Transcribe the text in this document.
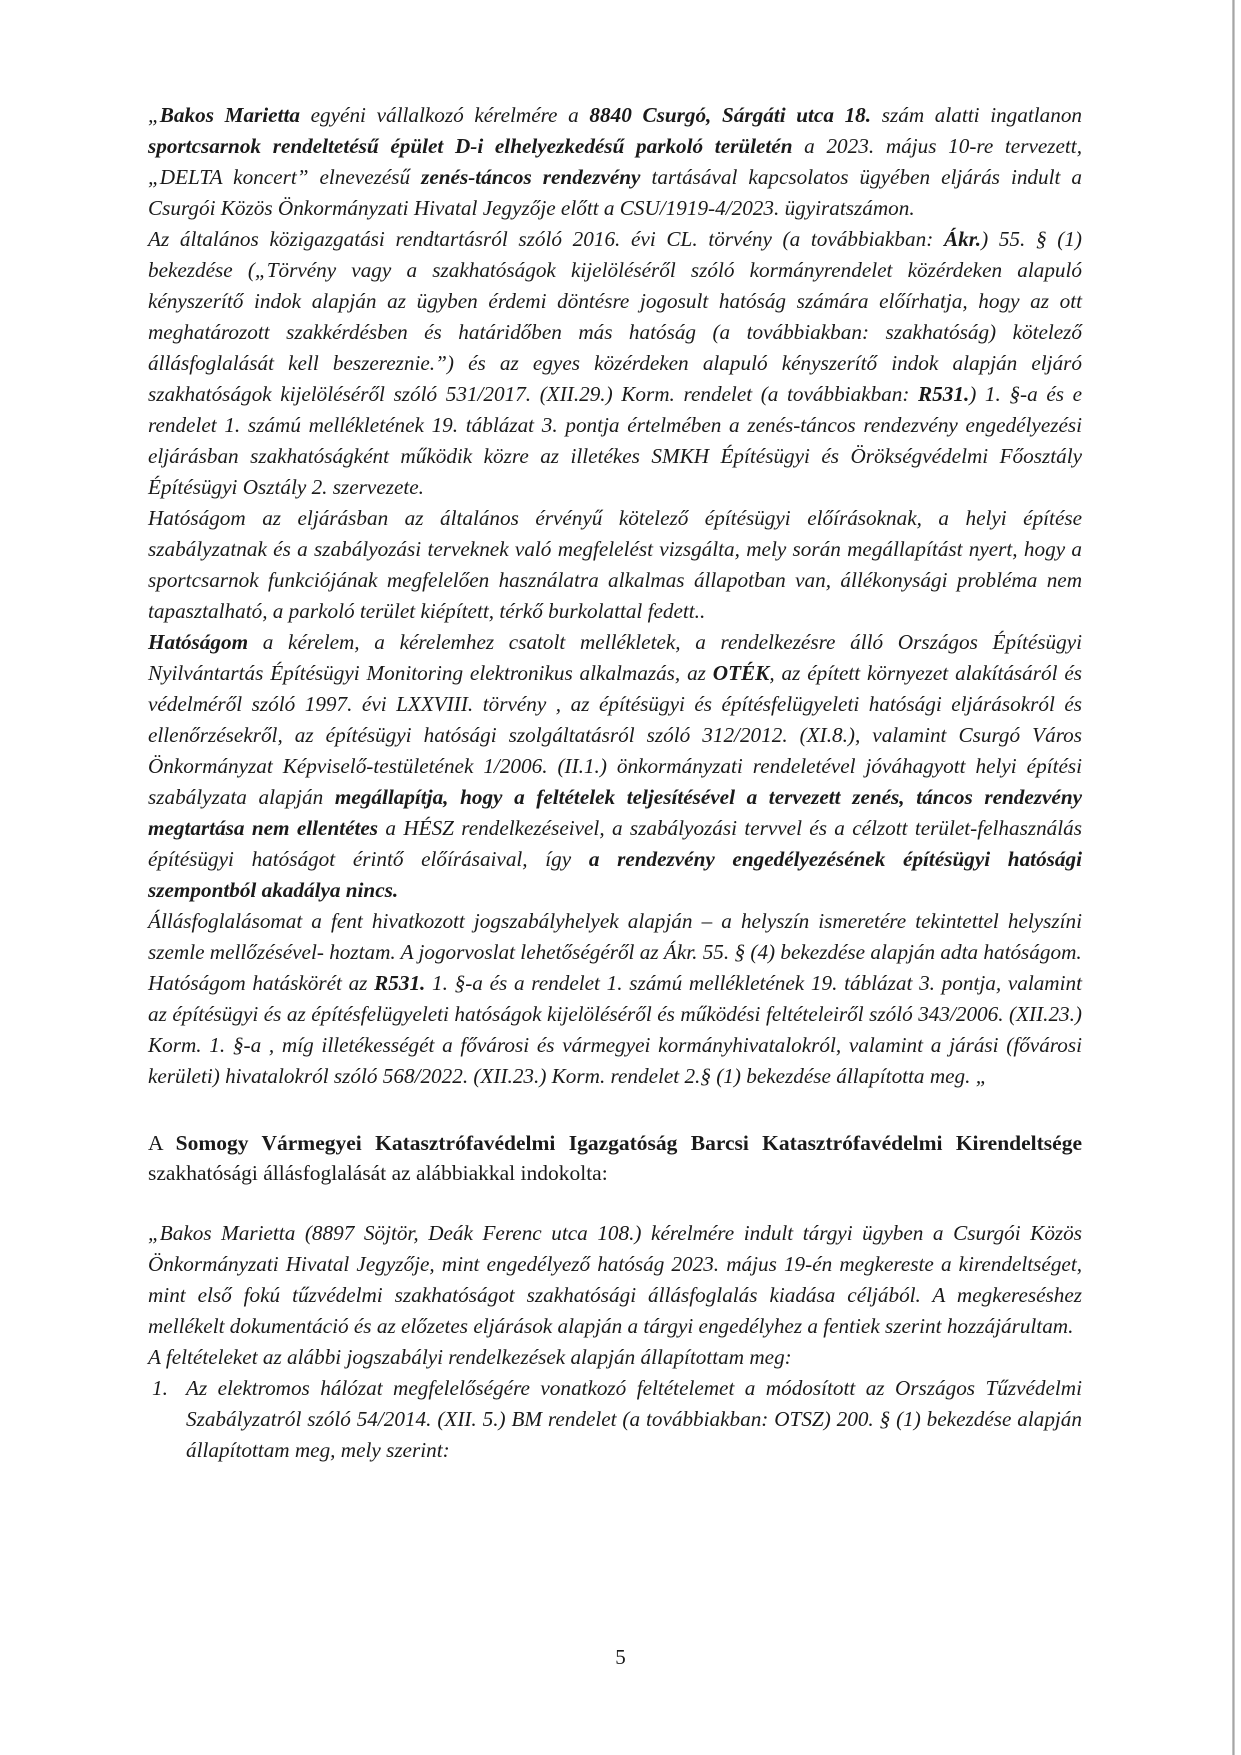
„Bakos Marietta egyéni vállalkozó kérelmére a 8840 Csurgó, Sárgáti utca 18. szám alatti ingatlanon sportcsarnok rendeltetésű épület D-i elhelyezkedésű parkoló területén a 2023. május 10-re tervezett, „DELTA koncert” elnevezésű zenés-táncos rendezvény tartásával kapcsolatos ügyében eljárás indult a Csurgói Közös Önkormányzati Hivatal Jegyzője előtt a CSU/1919-4/2023. ügyiratszámon.

Az általános közigazgatási rendtartásról szóló 2016. évi CL. törvény (a továbbiakban: Ákr.) 55. § (1) bekezdése („Törvény vagy a szakhatóságok kijelöléséről szóló kormányrendelet közérdeken alapuló kényszerítő indok alapján az ügyben érdemi döntésre jogosult hatóság számára előírhatja, hogy az ott meghatározott szakkérdésben és határidőben más hatóság (a továbbiakban: szakhatóság) kötelező állásfoglalását kell beszereznie.”) és az egyes közérdeken alapuló kényszerítő indok alapján eljáró szakhatóságok kijelöléséről szóló 531/2017. (XII.29.) Korm. rendelet (a továbbiakban: R531.) 1. §-a és e rendelet 1. számú mellékletének 19. táblázat 3. pontja értelmében a zenés-táncos rendezvény engedélyezési eljárásban szakhatóságként működik közre az illetékes SMKH Építésügyi és Örökségvédelmi Főosztály Építésügyi Osztály 2. szervezete.

Hatóságom az eljárásban az általános érvényű kötelező építésügyi előírásoknak, a helyi építése szabályzatnak és a szabályozási terveknek való megfelelést vizsgálta, mely során megállapítást nyert, hogy a sportcsarnok funkciójának megfelelően használatra alkalmas állapotban van, állékonysági probléma nem tapasztalható, a parkoló terület kiépített, térkő burkolattal fedett..

Hatóságom a kérelem, a kérelemhez csatolt mellékletek, a rendelkezésre álló Országos Építésügyi Nyilvántartás Építésügyi Monitoring elektronikus alkalmazás, az OTÉK, az épített környezet alakításáról és védelméről szóló 1997. évi LXXVIII. törvény , az építésügyi és építésfelügyeleti hatósági eljárásokról és ellenőrzésekről, az építésügyi hatósági szolgáltatásról szóló 312/2012. (XI.8.), valamint Csurgó Város Önkormányzat Képviselő-testületének 1/2006. (II.1.) önkormányzati rendeletével jóváhagyott helyi építési szabályzata alapján megállapítja, hogy a feltételek teljesítésével a tervezett zenés, táncos rendezvény megtartása nem ellentétes a HÉSZ rendelkezéseivel, a szabályozási tervvel és a célzott terület-felhasználás építésügyi hatóságot érintő előírásaival, így a rendezvény engedélyezésének építésügyi hatósági szempontból akadálya nincs.

Állásfoglalásomat a fent hivatkozott jogszabályhelyek alapján – a helyszín ismeretére tekintettel helyszíni szemle mellőzésével- hoztam. A jogorvoslat lehetőségéről az Ákr. 55. § (4) bekezdése alapján adta hatóságom.

Hatóságom hatáskörét az R531. 1. §-a és a rendelet 1. számú mellékletének 19. táblázat 3. pontja, valamint az építésügyi és az építésfelügyeleti hatóságok kijelöléséről és működési feltételeiről szóló 343/2006. (XII.23.) Korm. 1. §-a , míg illetékességét a fővárosi és vármegyei kormányhivatalokról, valamint a járási (fővárosi kerületi) hivatalokról szóló 568/2022. (XII.23.) Korm. rendelet 2.§ (1) bekezdése állapította meg. „

A Somogy Vármegyei Katasztrófavédelmi Igazgatóság Barcsi Katasztrófavédelmi Kirendeltsége szakhatósági állásfoglalását az alábbiakkal indokolta:

„Bakos Marietta (8897 Söjtör, Deák Ferenc utca 108.) kérelmére indult tárgyi ügyben a Csurgói Közös Önkormányzati Hivatal Jegyzője, mint engedélyező hatóság 2023. május 19-én megkereste a kirendeltséget, mint első fokú tűzvédelmi szakhatóságot szakhatósági állásfoglalás kiadása céljából. A megkereséshez mellékelt dokumentáció és az előzetes eljárások alapján a tárgyi engedélyhez a fentiek szerint hozzájárultam.

A feltételeket az alábbi jogszabályi rendelkezések alapján állapítottam meg:

1. Az elektromos hálózat megfelelőségére vonatkozó feltételemet a módosított az Országos Tűzvédelmi Szabályzatról szóló 54/2014. (XII. 5.) BM rendelet (a továbbiakban: OTSZ) 200. § (1) bekezdése alapján állapítottam meg, mely szerint:
5
